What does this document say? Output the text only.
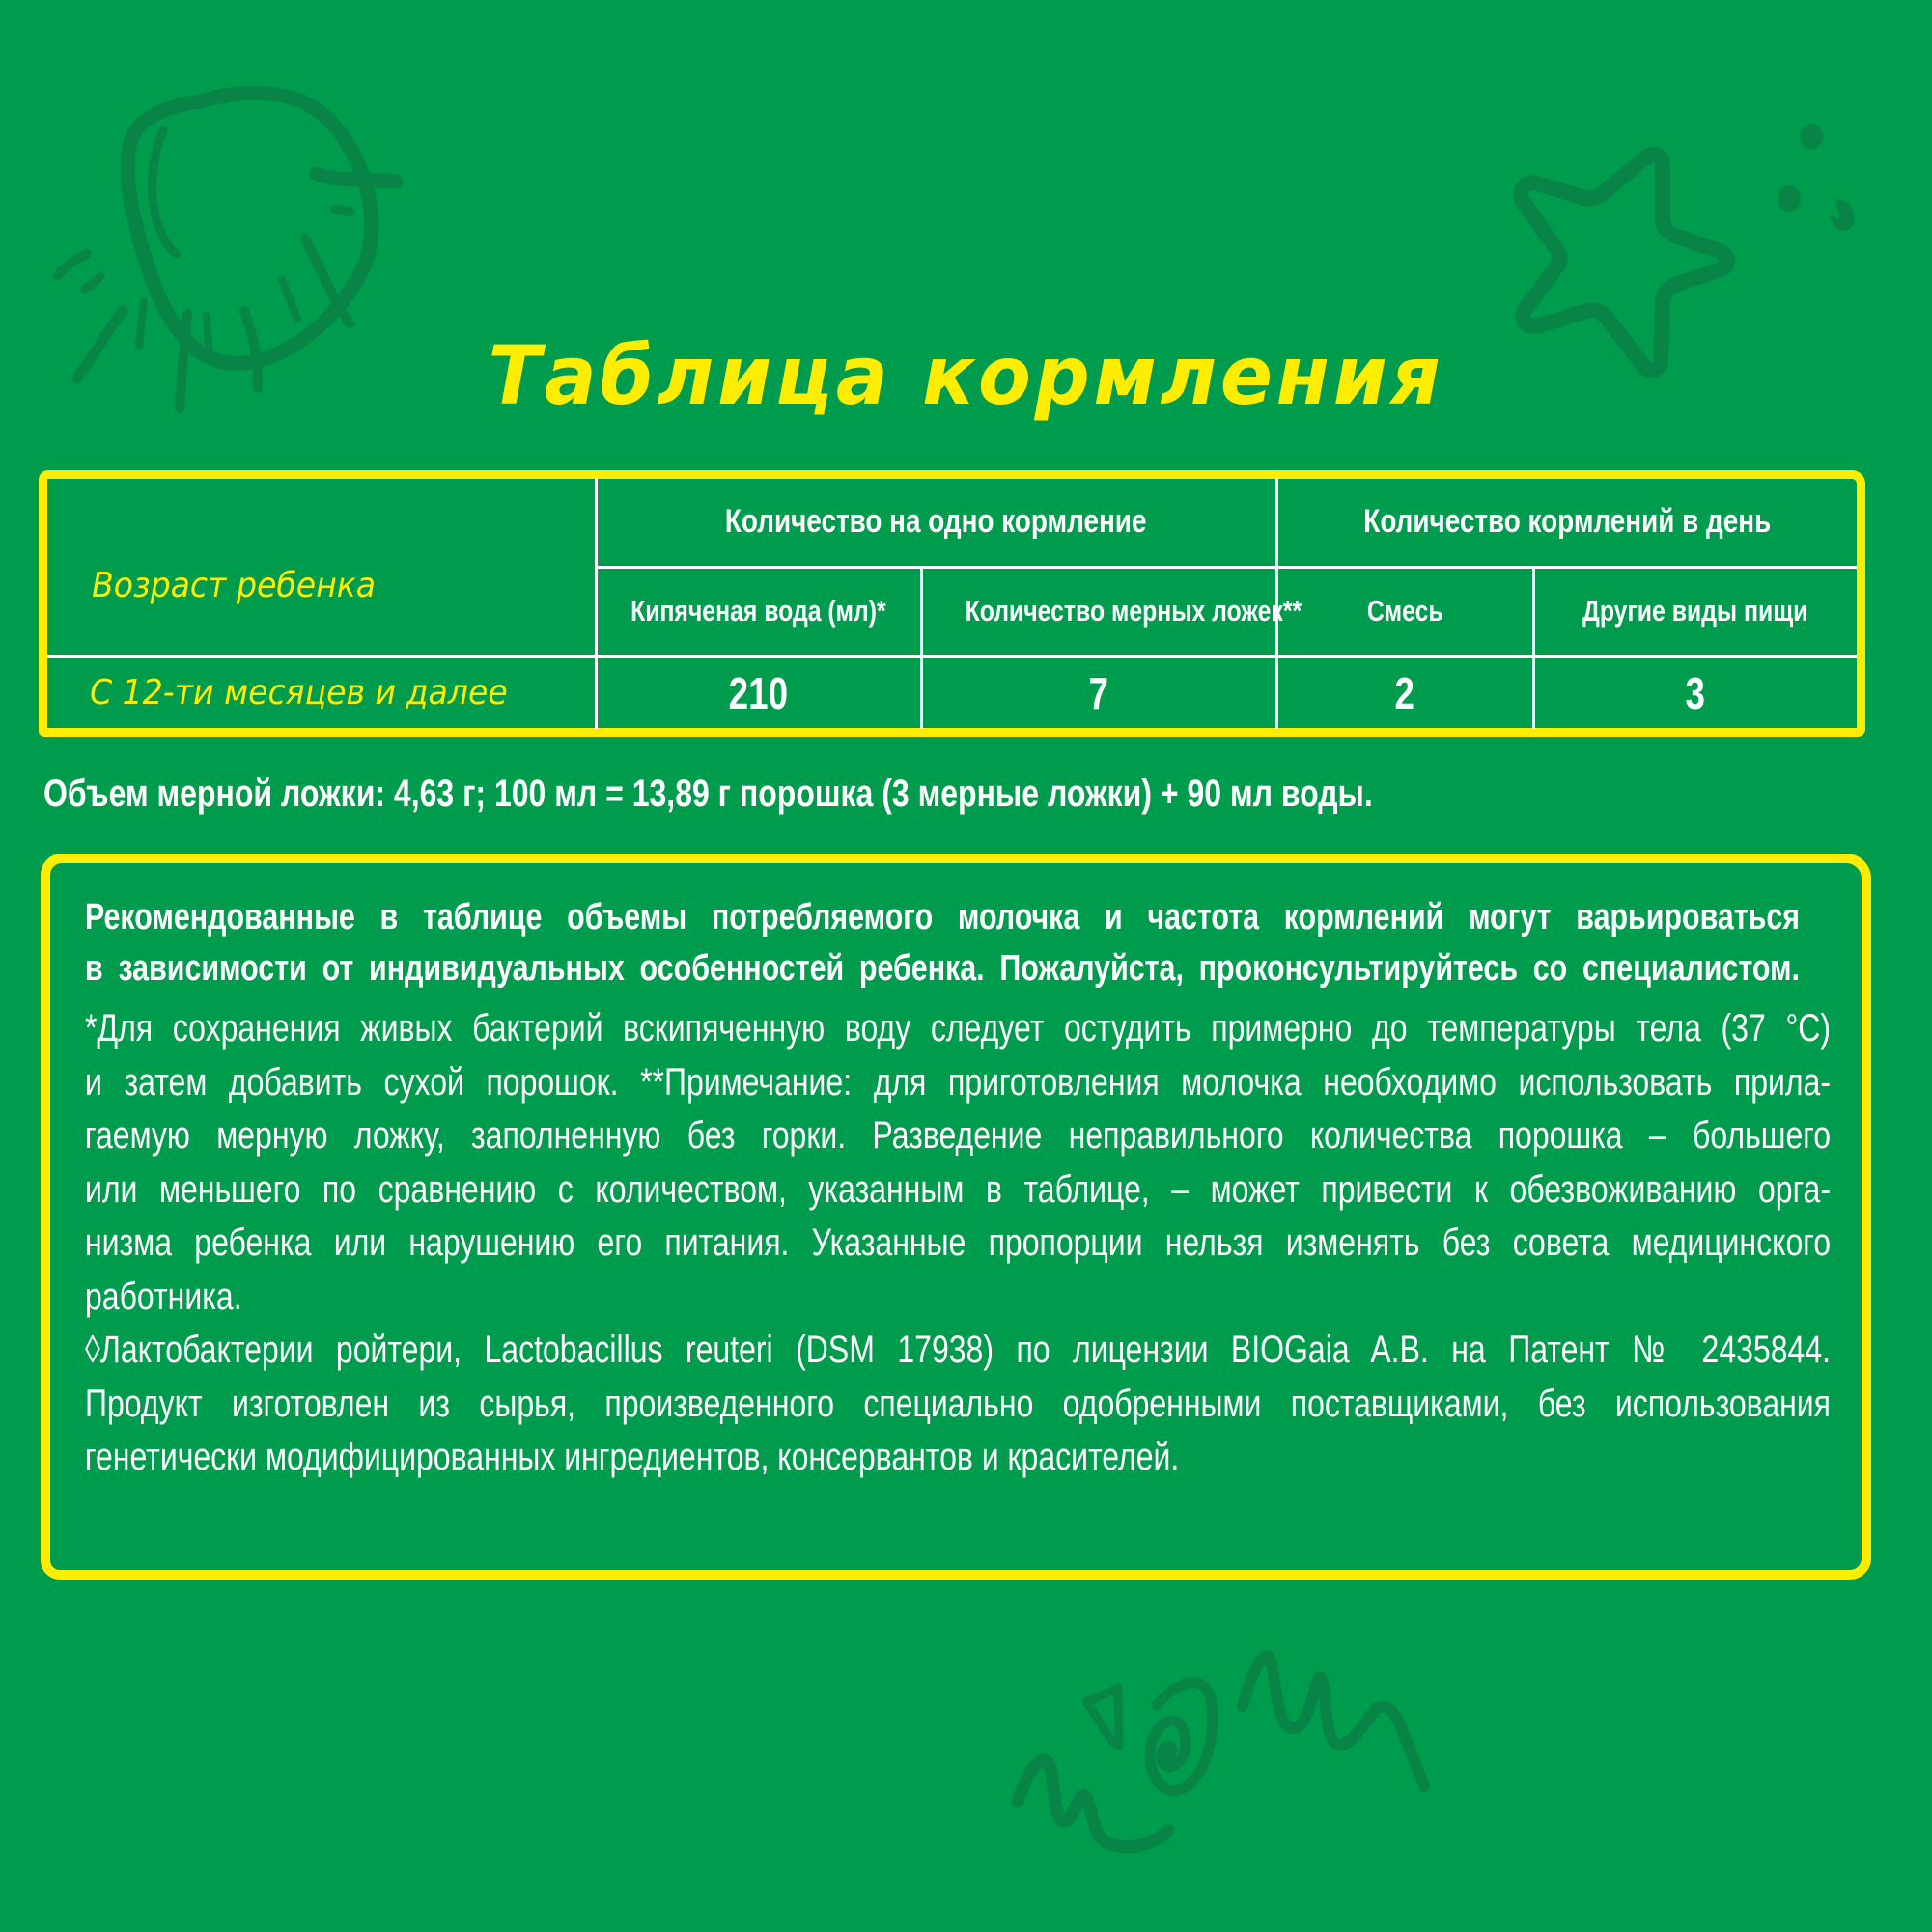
Таблица кормления
Возраст ребенка	Количество на одно кормление		Количество кормлений в день	
	Кипяченая вода (мл)*	Количество мерных ложек**	Смесь	Другие виды пищи
С 12-ти месяцев и далее	210	7	2	3
Объем мерной ложки: 4,63 г; 100 мл = 13,89 г порошка (3 мерные ложки) + 90 мл воды.
Рекомендованные в таблице объемы потребляемого молочка и частота кормлений могут варьироваться
в зависимости от индивидуальных особенностей ребенка. Пожалуйста, проконсультируйтесь со специалистом.
*Для сохранения живых бактерий вскипяченную воду следует остудить примерно до температуры тела (37 °C)
и затем добавить сухой порошок. **Примечание: для приготовления молочка необходимо использовать прила-
гаемую мерную ложку, заполненную без горки. Разведение неправильного количества порошка – большего
или меньшего по сравнению с количеством, указанным в таблице, – может привести к обезвоживанию орга-
низма ребенка или нарушению его питания. Указанные пропорции нельзя изменять без совета медицинского
работника.
◊Лактобактерии ройтери, Lactobacillus reuteri (DSM 17938) по лицензии BIOGaia A.B. на Патент № 2435844.
Продукт изготовлен из сырья, произведенного специально одобренными поставщиками, без использования
генетически модифицированных ингредиентов, консервантов и красителей.
